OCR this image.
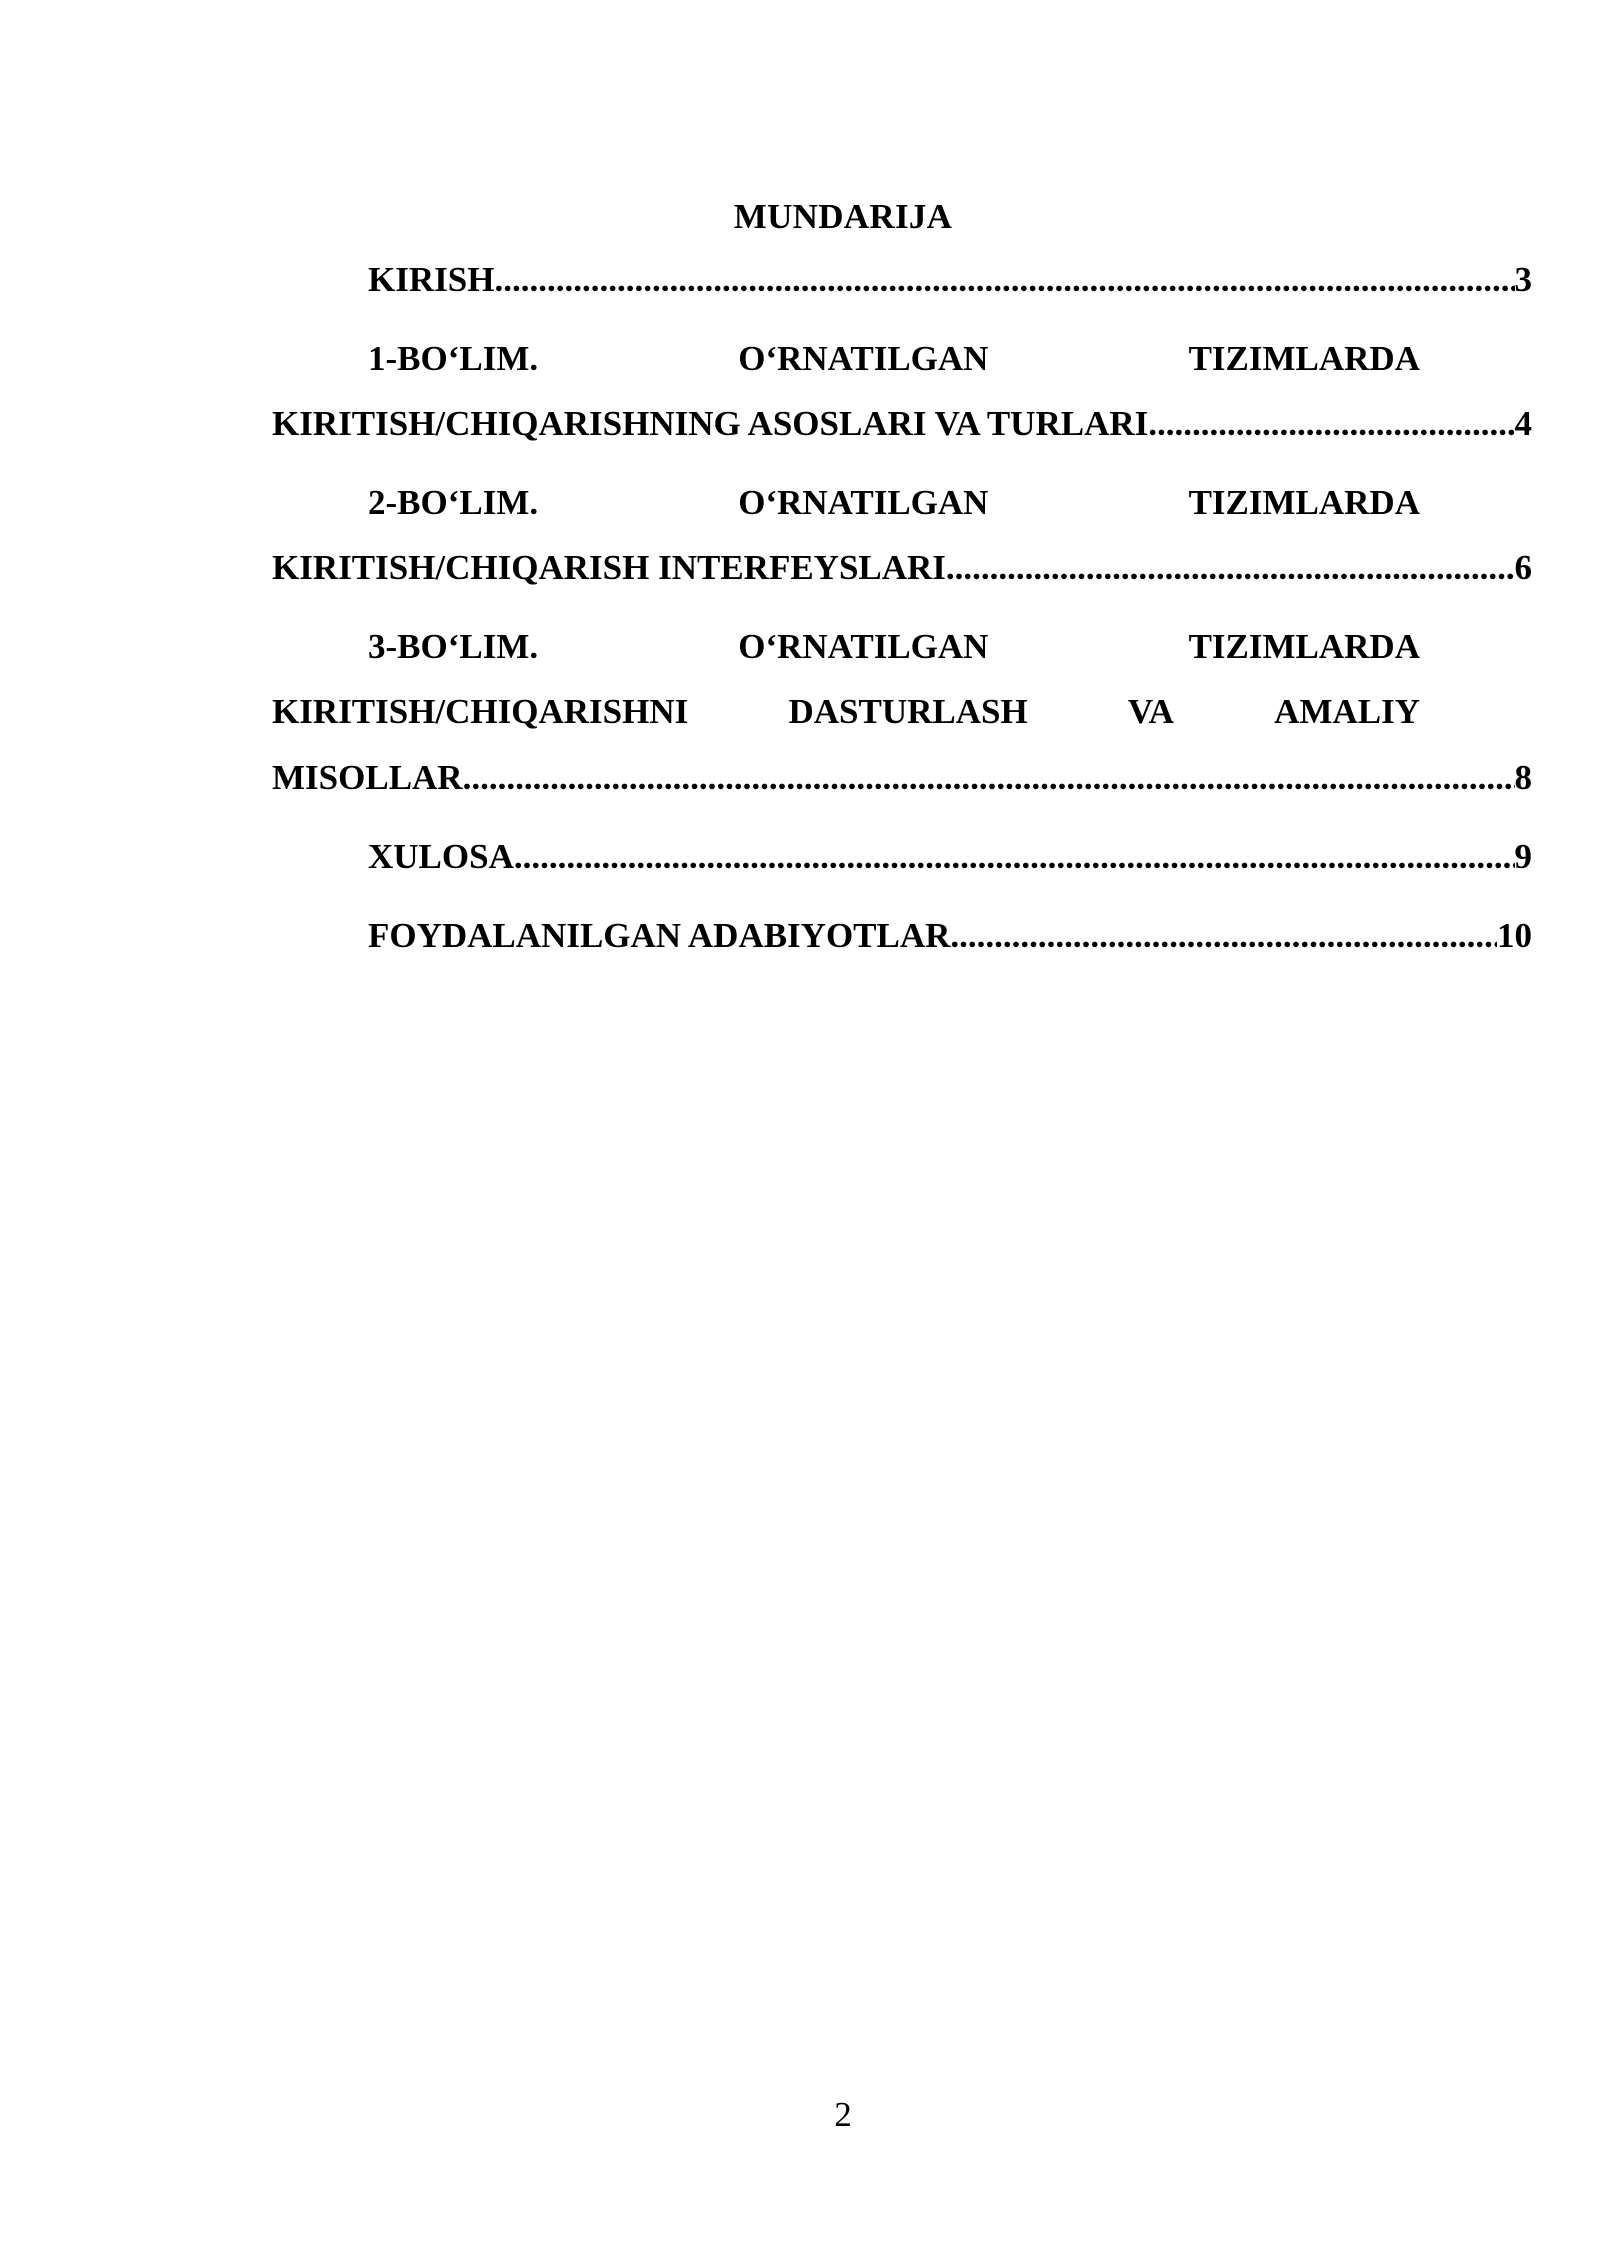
MUNDARIJA
KIRISH .....	3
1-BO‘LIM.	O‘RNATILGAN	TIZIMLARDA
KIRITISH/CHIQARISHNING ASOSLARI VA TURLARI .....	4
2-BO‘LIM.	O‘RNATILGAN	TIZIMLARDA
KIRITISH/CHIQARISH INTERFEYSLARI .....	6
3-BO‘LIM.	O‘RNATILGAN	TIZIMLARDA
KIRITISH/CHIQARISHNI	DASTURLASH	VA	AMALIY
MISOLLAR .....	8
XULOSA .....	9
FOYDALANILGAN ADABIYOTLAR .....	10
2
